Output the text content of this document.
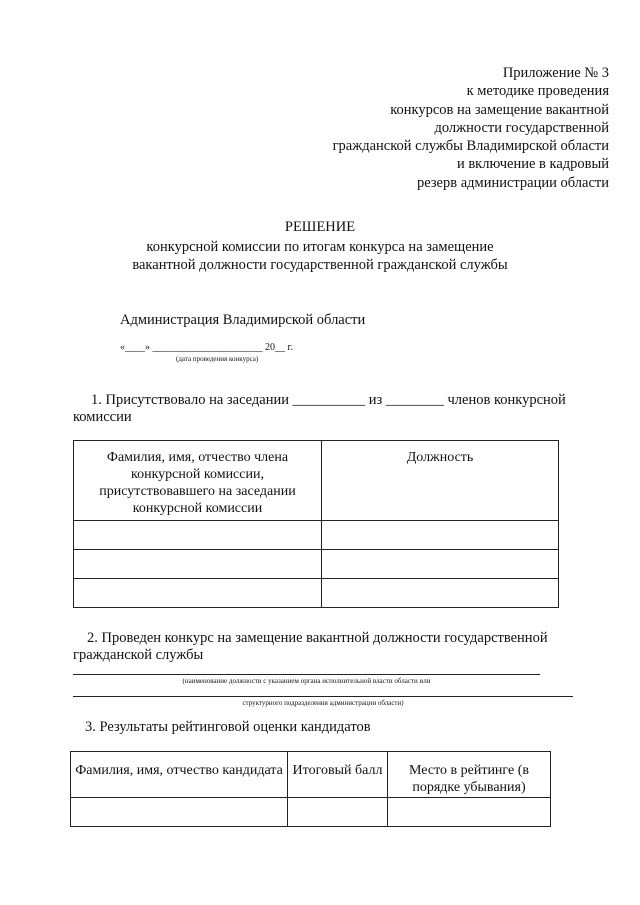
Приложение № 3
к методике проведения
конкурсов на замещение вакантной
должности государственной
гражданской службы Владимирской области
и включение в кадровый
резерв администрации области
РЕШЕНИЕ
конкурсной комиссии по итогам конкурса на замещение
вакантной должности государственной гражданской службы
Администрация Владимирской области
«____» ______________________ 20__ г.
(дата проведения конкурса)
1. Присутствовало на заседании __________ из ________ членов конкурсной комиссии
Фамилия, имя, отчество члена конкурсной комиссии, присутствовавшего на заседании конкурсной комиссии	Должность

2. Проведен конкурс на замещение вакантной должности государственной гражданской службы
(наименование должности с указанием органа исполнительной власти области или
структурного подразделения администрации области)
3. Результаты рейтинговой оценки кандидатов
Фамилия, имя, отчество кандидата	Итоговый балл	Место в рейтинге (в порядке убывания)
